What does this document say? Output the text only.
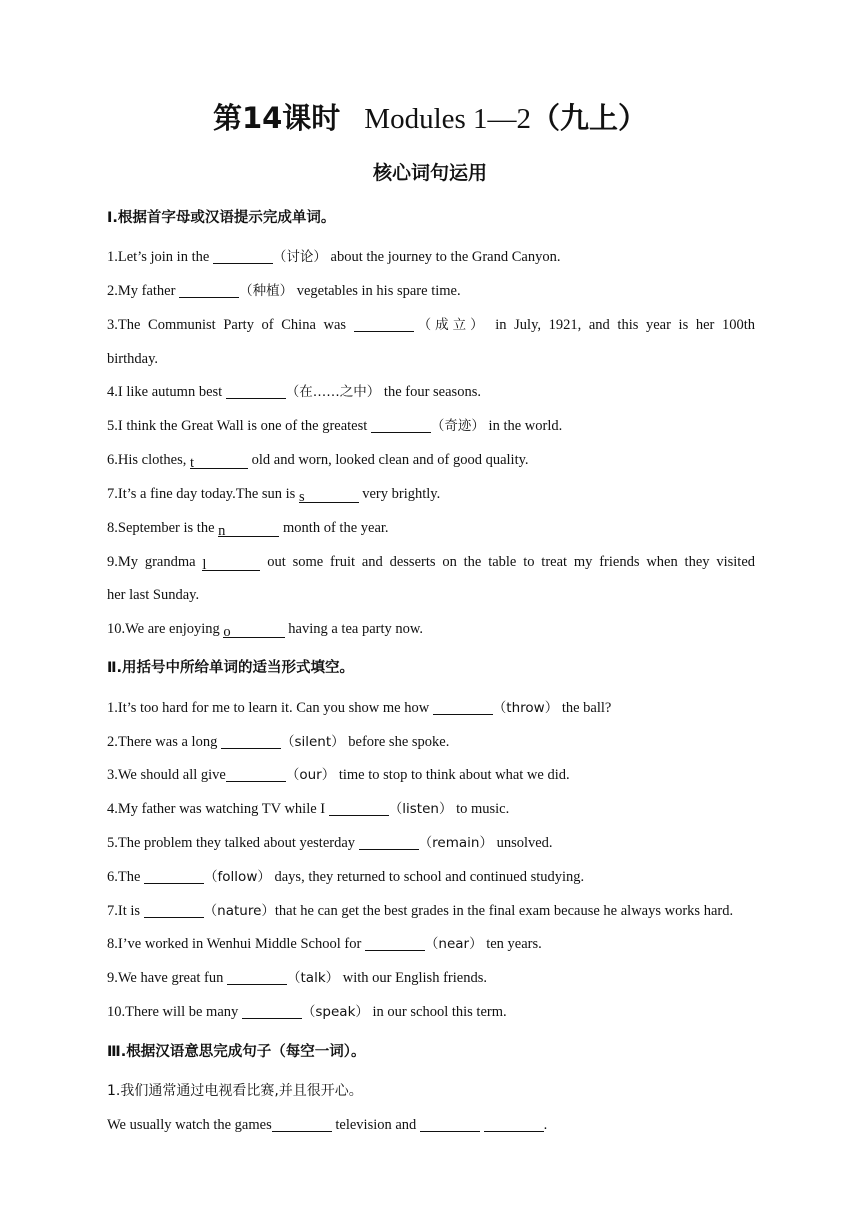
第14课时 Modules 1—2（九上）
核心词句运用
Ⅰ.根据首字母或汉语提示完成单词。
1.Let’s join in the	（讨论） about the journey to the Grand Canyon.
2.My father	（种植） vegetables in his spare time.
3.The Communist Party of China was	（成立） in July, 1921, and this year is her 100th
birthday.
4.I like autumn best	（在……之中） the four seasons.
5.I think the Great Wall is one of the greatest	（奇迹） in the world.
6.His clothes, t	old and worn, looked clean and of good quality.
7.It’s a fine day today.The sun is s	very brightly.
8.September is the n	month of the year.
9.My grandma l	out some fruit and desserts on the table to treat my friends when they visited
her last Sunday.
10.We are enjoying o	having a tea party now.
Ⅱ.用括号中所给单词的适当形式填空。
1.It’s too hard for me to learn it. Can you show me how	（throw） the ball?
2.There was a long	（silent） before she spoke.
3.We should all give	（our） time to stop to think about what we did.
4.My father was watching TV while I	（listen） to music.
5.The problem they talked about yesterday	（remain） unsolved.
6.The	（follow） days, they returned to school and continued studying.
7.It is	（nature）that he can get the best grades in the final exam because he always works hard.
8.I’ve worked in Wenhui Middle School for	（near） ten years.
9.We have great fun	（talk） with our English friends.
10.There will be many	（speak） in our school this term.
Ⅲ.根据汉语意思完成句子（每空一词）。
1.我们通常通过电视看比赛,并且很开心。
We usually watch the games	television and	.
